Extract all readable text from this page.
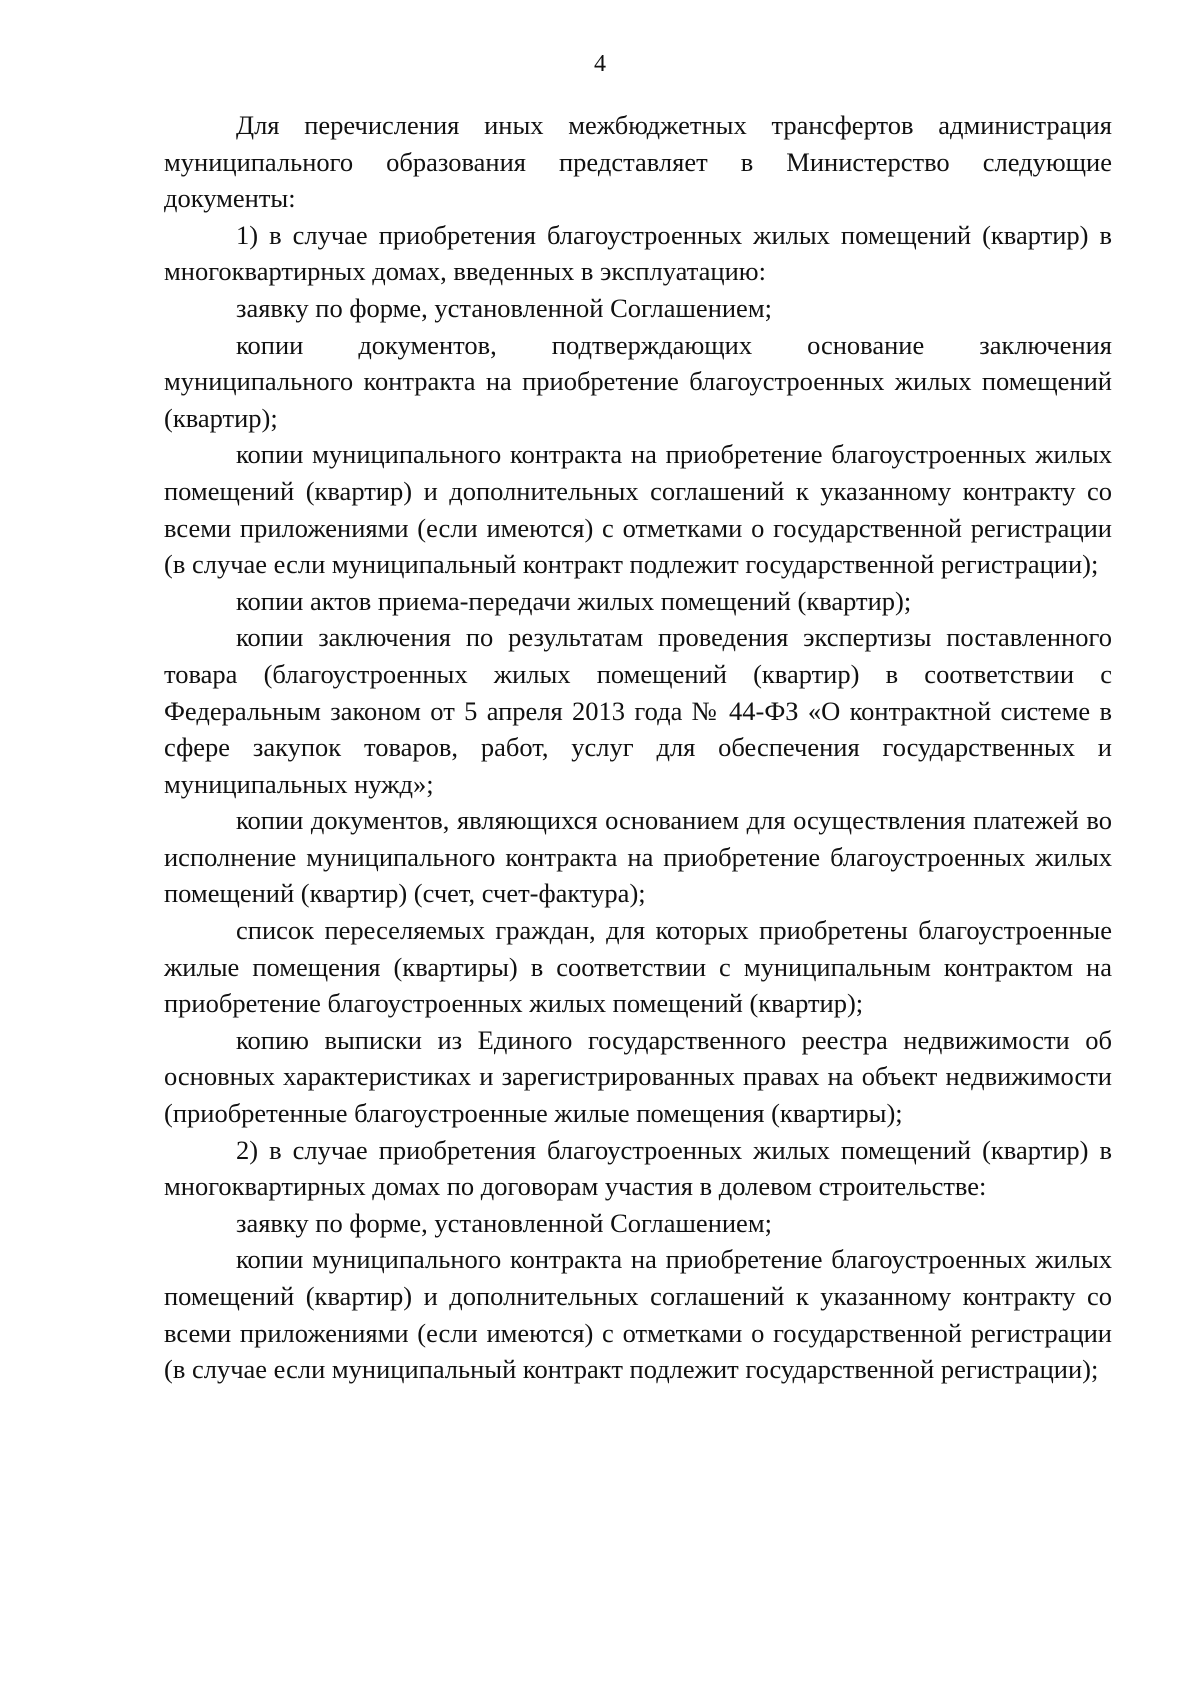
4

Для перечисления иных межбюджетных трансфертов администрация муниципального образования представляет в Министерство следующие документы:

1) в случае приобретения благоустроенных жилых помещений (квартир) в многоквартирных домах, введенных в эксплуатацию:

заявку по форме, установленной Соглашением;

копии документов, подтверждающих основание заключения муниципального контракта на приобретение благоустроенных жилых помещений (квартир);

копии муниципального контракта на приобретение благоустроенных жилых помещений (квартир) и дополнительных соглашений к указанному контракту со всеми приложениями (если имеются) с отметками о государственной регистрации (в случае если муниципальный контракт подлежит государственной регистрации);

копии актов приема-передачи жилых помещений (квартир);

копии заключения по результатам проведения экспертизы поставленного товара (благоустроенных жилых помещений (квартир) в соответствии с Федеральным законом от 5 апреля 2013 года № 44-ФЗ «О контрактной системе в сфере закупок товаров, работ, услуг для обеспечения государственных и муниципальных нужд»;

копии документов, являющихся основанием для осуществления платежей во исполнение муниципального контракта на приобретение благоустроенных жилых помещений (квартир) (счет, счет-фактура);

список переселяемых граждан, для которых приобретены благоустроенные жилые помещения (квартиры) в соответствии с муниципальным контрактом на приобретение благоустроенных жилых помещений (квартир);

копию выписки из Единого государственного реестра недвижимости об основных характеристиках и зарегистрированных правах на объект недвижимости (приобретенные благоустроенные жилые помещения (квартиры);

2) в случае приобретения благоустроенных жилых помещений (квартир) в многоквартирных домах по договорам участия в долевом строительстве:

заявку по форме, установленной Соглашением;

копии муниципального контракта на приобретение благоустроенных жилых помещений (квартир) и дополнительных соглашений к указанному контракту со всеми приложениями (если имеются) с отметками о государственной регистрации (в случае если муниципальный контракт подлежит государственной регистрации);
